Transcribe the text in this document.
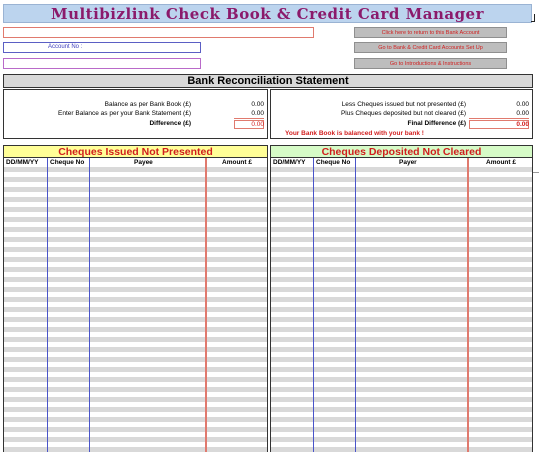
Multibizlink Check Book & Credit Card Manager
Account No :
Click here to return to this Bank Account
Go to Bank & Credit Card Accounts Set Up
Go to Introductions & Instructions
Bank Reconciliation Statement
Balance as per Bank Book (£)	0.00
Enter Balance as per your Bank Statement (£)	0.00
Difference (£)	0.00
Less Cheques issued but not presented (£)	0.00
Plus Cheques deposited but not cleared (£)	0.00
Final Difference (£)	0.00
Your Bank Book is balanced with your bank !
Cheques Issued Not Presented	Cheques Deposited Not Cleared
DD/MM/YY Cheque No	Payee	Amount £	DD/MM/YY Cheque No	Payer	Amount £
